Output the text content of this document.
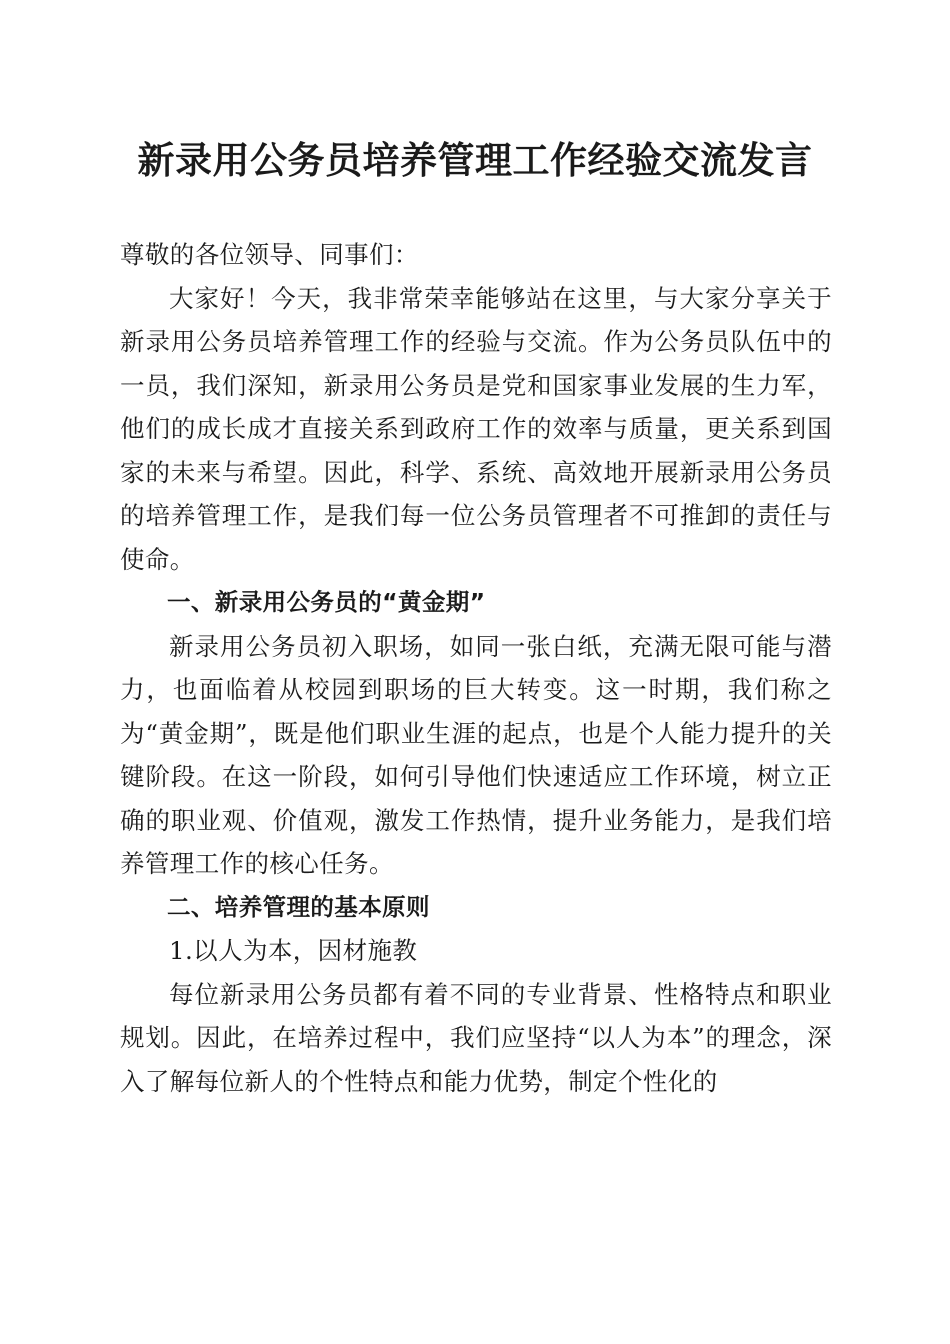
新录用公务员培养管理工作经验交流发言

尊敬的各位领导、同事们：

大家好！今天，我非常荣幸能够站在这里，与大家分享关于新录用公务员培养管理工作的经验与交流。作为公务员队伍中的一员，我们深知，新录用公务员是党和国家事业发展的生力军，他们的成长成才直接关系到政府工作的效率与质量，更关系到国家的未来与希望。因此，科学、系统、高效地开展新录用公务员的培养管理工作，是我们每一位公务员管理者不可推卸的责任与使命。

一、新录用公务员的“黄金期”

新录用公务员初入职场，如同一张白纸，充满无限可能与潜力，也面临着从校园到职场的巨大转变。这一时期，我们称之为“黄金期”，既是他们职业生涯的起点，也是个人能力提升的关键阶段。在这一阶段，如何引导他们快速适应工作环境，树立正确的职业观、价值观，激发工作热情，提升业务能力，是我们培养管理工作的核心任务。

二、培养管理的基本原则

1.以人为本，因材施教

每位新录用公务员都有着不同的专业背景、性格特点和职业规划。因此，在培养过程中，我们应坚持“以人为本”的理念，深入了解每位新人的个性特点和能力优势，制定个性化的
